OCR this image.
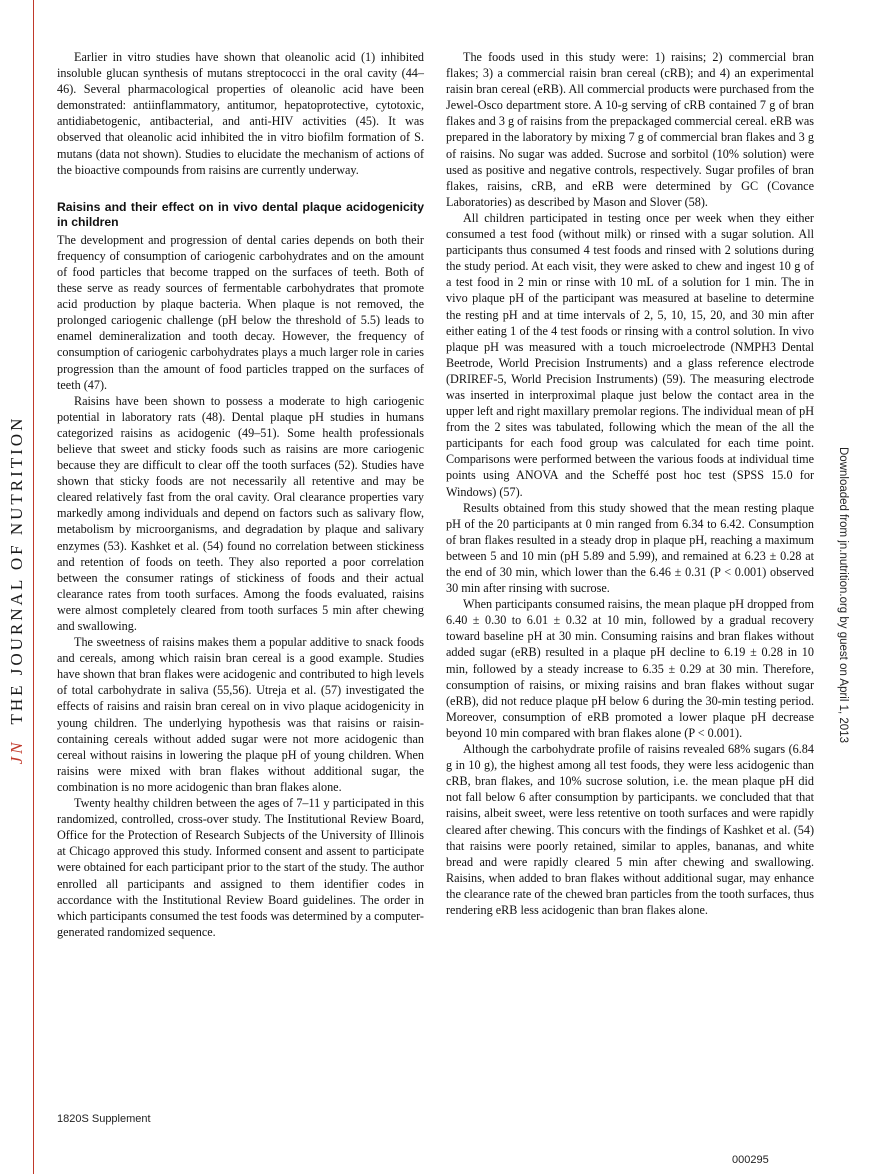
JN THE JOURNAL OF NUTRITION	Downloaded from jn.nutrition.org by guest on April 1, 2013

Earlier in vitro studies have shown that oleanolic acid (1) inhibited insoluble glucan synthesis of mutans streptococci in the oral cavity (44–46). Several pharmacological properties of oleanolic acid have been demonstrated: antiinflammatory, antitumor, hepatoprotective, cytotoxic, antidiabetogenic, antibacterial, and anti-HIV activities (45). It was observed that oleanolic acid inhibited the in vitro biofilm formation of S. mutans (data not shown). Studies to elucidate the mechanism of actions of the bioactive compounds from raisins are currently underway.

Raisins and their effect on in vivo dental plaque acidogenicity in children

The development and progression of dental caries depends on both their frequency of consumption of cariogenic carbohydrates and on the amount of food particles that become trapped on the surfaces of teeth. Both of these serve as ready sources of fermentable carbohydrates that promote acid production by plaque bacteria. When plaque is not removed, the prolonged cariogenic challenge (pH below the threshold of 5.5) leads to enamel demineralization and tooth decay. However, the frequency of consumption of cariogenic carbohydrates plays a much larger role in caries progression than the amount of food particles trapped on the surfaces of teeth (47).

Raisins have been shown to possess a moderate to high cariogenic potential in laboratory rats (48). Dental plaque pH studies in humans categorized raisins as acidogenic (49–51). Some health professionals believe that sweet and sticky foods such as raisins are more cariogenic because they are difficult to clear off the tooth surfaces (52). Studies have shown that sticky foods are not necessarily all retentive and may be cleared relatively fast from the oral cavity. Oral clearance properties vary markedly among individuals and depend on factors such as salivary flow, metabolism by microorganisms, and degradation by plaque and salivary enzymes (53). Kashket et al. (54) found no correlation between stickiness and retention of foods on teeth. They also reported a poor correlation between the consumer ratings of stickiness of foods and their actual clearance rates from tooth surfaces. Among the foods evaluated, raisins were almost completely cleared from tooth surfaces 5 min after chewing and swallowing.

The sweetness of raisins makes them a popular additive to snack foods and cereals, among which raisin bran cereal is a good example. Studies have shown that bran flakes were acidogenic and contributed to high levels of total carbohydrate in saliva (55,56). Utreja et al. (57) investigated the effects of raisins and raisin bran cereal on in vivo plaque acidogenicity in young children. The underlying hypothesis was that raisins or raisin-containing cereals without added sugar were not more acidogenic than cereal without raisins in lowering the plaque pH of young children. When raisins were mixed with bran flakes without additional sugar, the combination is no more acidogenic than bran flakes alone.

Twenty healthy children between the ages of 7–11 y participated in this randomized, controlled, cross-over study. The Institutional Review Board, Office for the Protection of Research Subjects of the University of Illinois at Chicago approved this study. Informed consent and assent to participate were obtained for each participant prior to the start of the study. The author enrolled all participants and assigned to them identifier codes in accordance with the Institutional Review Board guidelines. The order in which participants consumed the test foods was determined by a computer-generated randomized sequence.

The foods used in this study were: 1) raisins; 2) commercial bran flakes; 3) a commercial raisin bran cereal (cRB); and 4) an experimental raisin bran cereal (eRB). All commercial products were purchased from the Jewel-Osco department store. A 10-g serving of cRB contained 7 g of bran flakes and 3 g of raisins from the prepackaged commercial cereal. eRB was prepared in the laboratory by mixing 7 g of commercial bran flakes and 3 g of raisins. No sugar was added. Sucrose and sorbitol (10% solution) were used as positive and negative controls, respectively. Sugar profiles of bran flakes, raisins, cRB, and eRB were determined by GC (Covance Laboratories) as described by Mason and Slover (58).

All children participated in testing once per week when they either consumed a test food (without milk) or rinsed with a sugar solution. All participants thus consumed 4 test foods and rinsed with 2 solutions during the study period. At each visit, they were asked to chew and ingest 10 g of a test food in 2 min or rinse with 10 mL of a solution for 1 min. The in vivo plaque pH of the participant was measured at baseline to determine the resting pH and at time intervals of 2, 5, 10, 15, 20, and 30 min after either eating 1 of the 4 test foods or rinsing with a control solution. In vivo plaque pH was measured with a touch microelectrode (NMPH3 Dental Beetrode, World Precision Instruments) and a glass reference electrode (DRIREF-5, World Precision Instruments) (59). The measuring electrode was inserted in interproximal plaque just below the contact area in the upper left and right maxillary premolar regions. The individual mean of pH from the 2 sites was tabulated, following which the mean of the all the participants for each food group was calculated for each time point. Comparisons were performed between the various foods at individual time points using ANOVA and the Scheffé post hoc test (SPSS 15.0 for Windows) (57).

Results obtained from this study showed that the mean resting plaque pH of the 20 participants at 0 min ranged from 6.34 to 6.42. Consumption of bran flakes resulted in a steady drop in plaque pH, reaching a maximum between 5 and 10 min (pH 5.89 and 5.99), and remained at 6.23 ± 0.28 at the end of 30 min, which lower than the 6.46 ± 0.31 (P < 0.001) observed 30 min after rinsing with sucrose.

When participants consumed raisins, the mean plaque pH dropped from 6.40 ± 0.30 to 6.01 ± 0.32 at 10 min, followed by a gradual recovery toward baseline pH at 30 min. Consuming raisins and bran flakes without added sugar (eRB) resulted in a plaque pH decline to 6.19 ± 0.28 in 10 min, followed by a steady increase to 6.35 ± 0.29 at 30 min. Therefore, consumption of raisins, or mixing raisins and bran flakes without sugar (eRB), did not reduce plaque pH below 6 during the 30-min testing period. Moreover, consumption of eRB promoted a lower plaque pH decrease beyond 10 min compared with bran flakes alone (P < 0.001).

Although the carbohydrate profile of raisins revealed 68% sugars (6.84 g in 10 g), the highest among all test foods, they were less acidogenic than cRB, bran flakes, and 10% sucrose solution, i.e. the mean plaque pH did not fall below 6 after consumption by participants. we concluded that that raisins, albeit sweet, were less retentive on tooth surfaces and were rapidly cleared after chewing. This concurs with the findings of Kashket et al. (54) that raisins were poorly retained, similar to apples, bananas, and white bread and were rapidly cleared 5 min after chewing and swallowing. Raisins, when added to bran flakes without additional sugar, may enhance the clearance rate of the chewed bran particles from the tooth surfaces, thus rendering eRB less acidogenic than bran flakes alone.

1820S Supplement
000295
